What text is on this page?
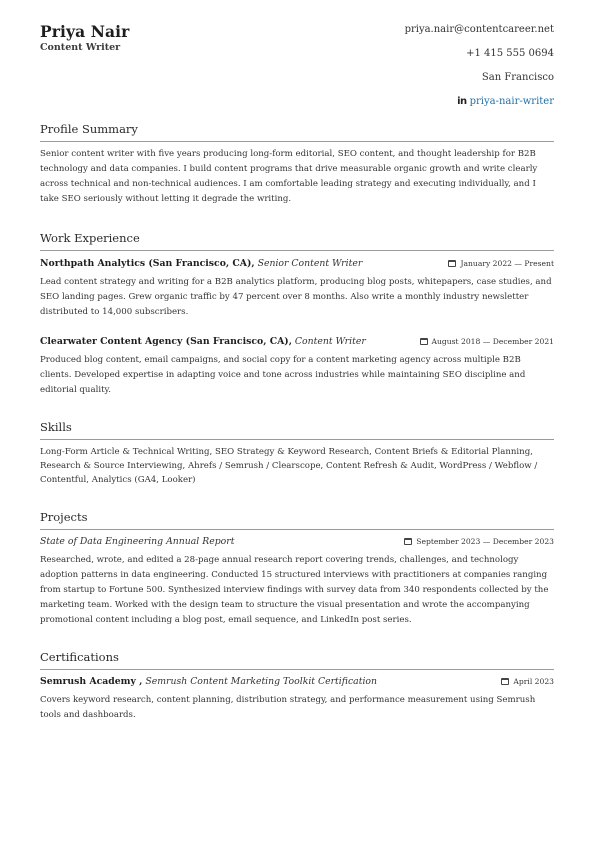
Priya Nair
Content Writer
priya.nair@contentcareer.net
+1 415 555 0694
San Francisco
in priya-nair-writer
Profile Summary

Senior content writer with five years producing long-form editorial, SEO content, and thought leadership for B2B technology and data companies. I build content programs that drive measurable organic growth and write clearly across technical and non-technical audiences. I am comfortable leading strategy and executing individually, and I take SEO seriously without letting it degrade the writing.

Work Experience
Northpath Analytics (San Francisco, CA), Senior Content Writer	January 2022 — Present

Lead content strategy and writing for a B2B analytics platform, producing blog posts, whitepapers, case studies, and SEO landing pages. Grew organic traffic by 47 percent over 8 months. Also write a monthly industry newsletter distributed to 14,000 subscribers.

Clearwater Content Agency (San Francisco, CA), Content Writer	August 2018 — December 2021

Produced blog content, email campaigns, and social copy for a content marketing agency across multiple B2B clients. Developed expertise in adapting voice and tone across industries while maintaining SEO discipline and editorial quality.

Skills

Long-Form Article & Technical Writing, SEO Strategy & Keyword Research, Content Briefs & Editorial Planning, Research & Source Interviewing, Ahrefs / Semrush / Clearscope, Content Refresh & Audit, WordPress / Webflow / Contentful, Analytics (GA4, Looker)

Projects
State of Data Engineering Annual Report	September 2023 — December 2023

Researched, wrote, and edited a 28-page annual research report covering trends, challenges, and technology adoption patterns in data engineering. Conducted 15 structured interviews with practitioners at companies ranging from startup to Fortune 500. Synthesized interview findings with survey data from 340 respondents collected by the marketing team. Worked with the design team to structure the visual presentation and wrote the accompanying promotional content including a blog post, email sequence, and LinkedIn post series.

Certifications
Semrush Academy , Semrush Content Marketing Toolkit Certification	April 2023

Covers keyword research, content planning, distribution strategy, and performance measurement using Semrush tools and dashboards.
